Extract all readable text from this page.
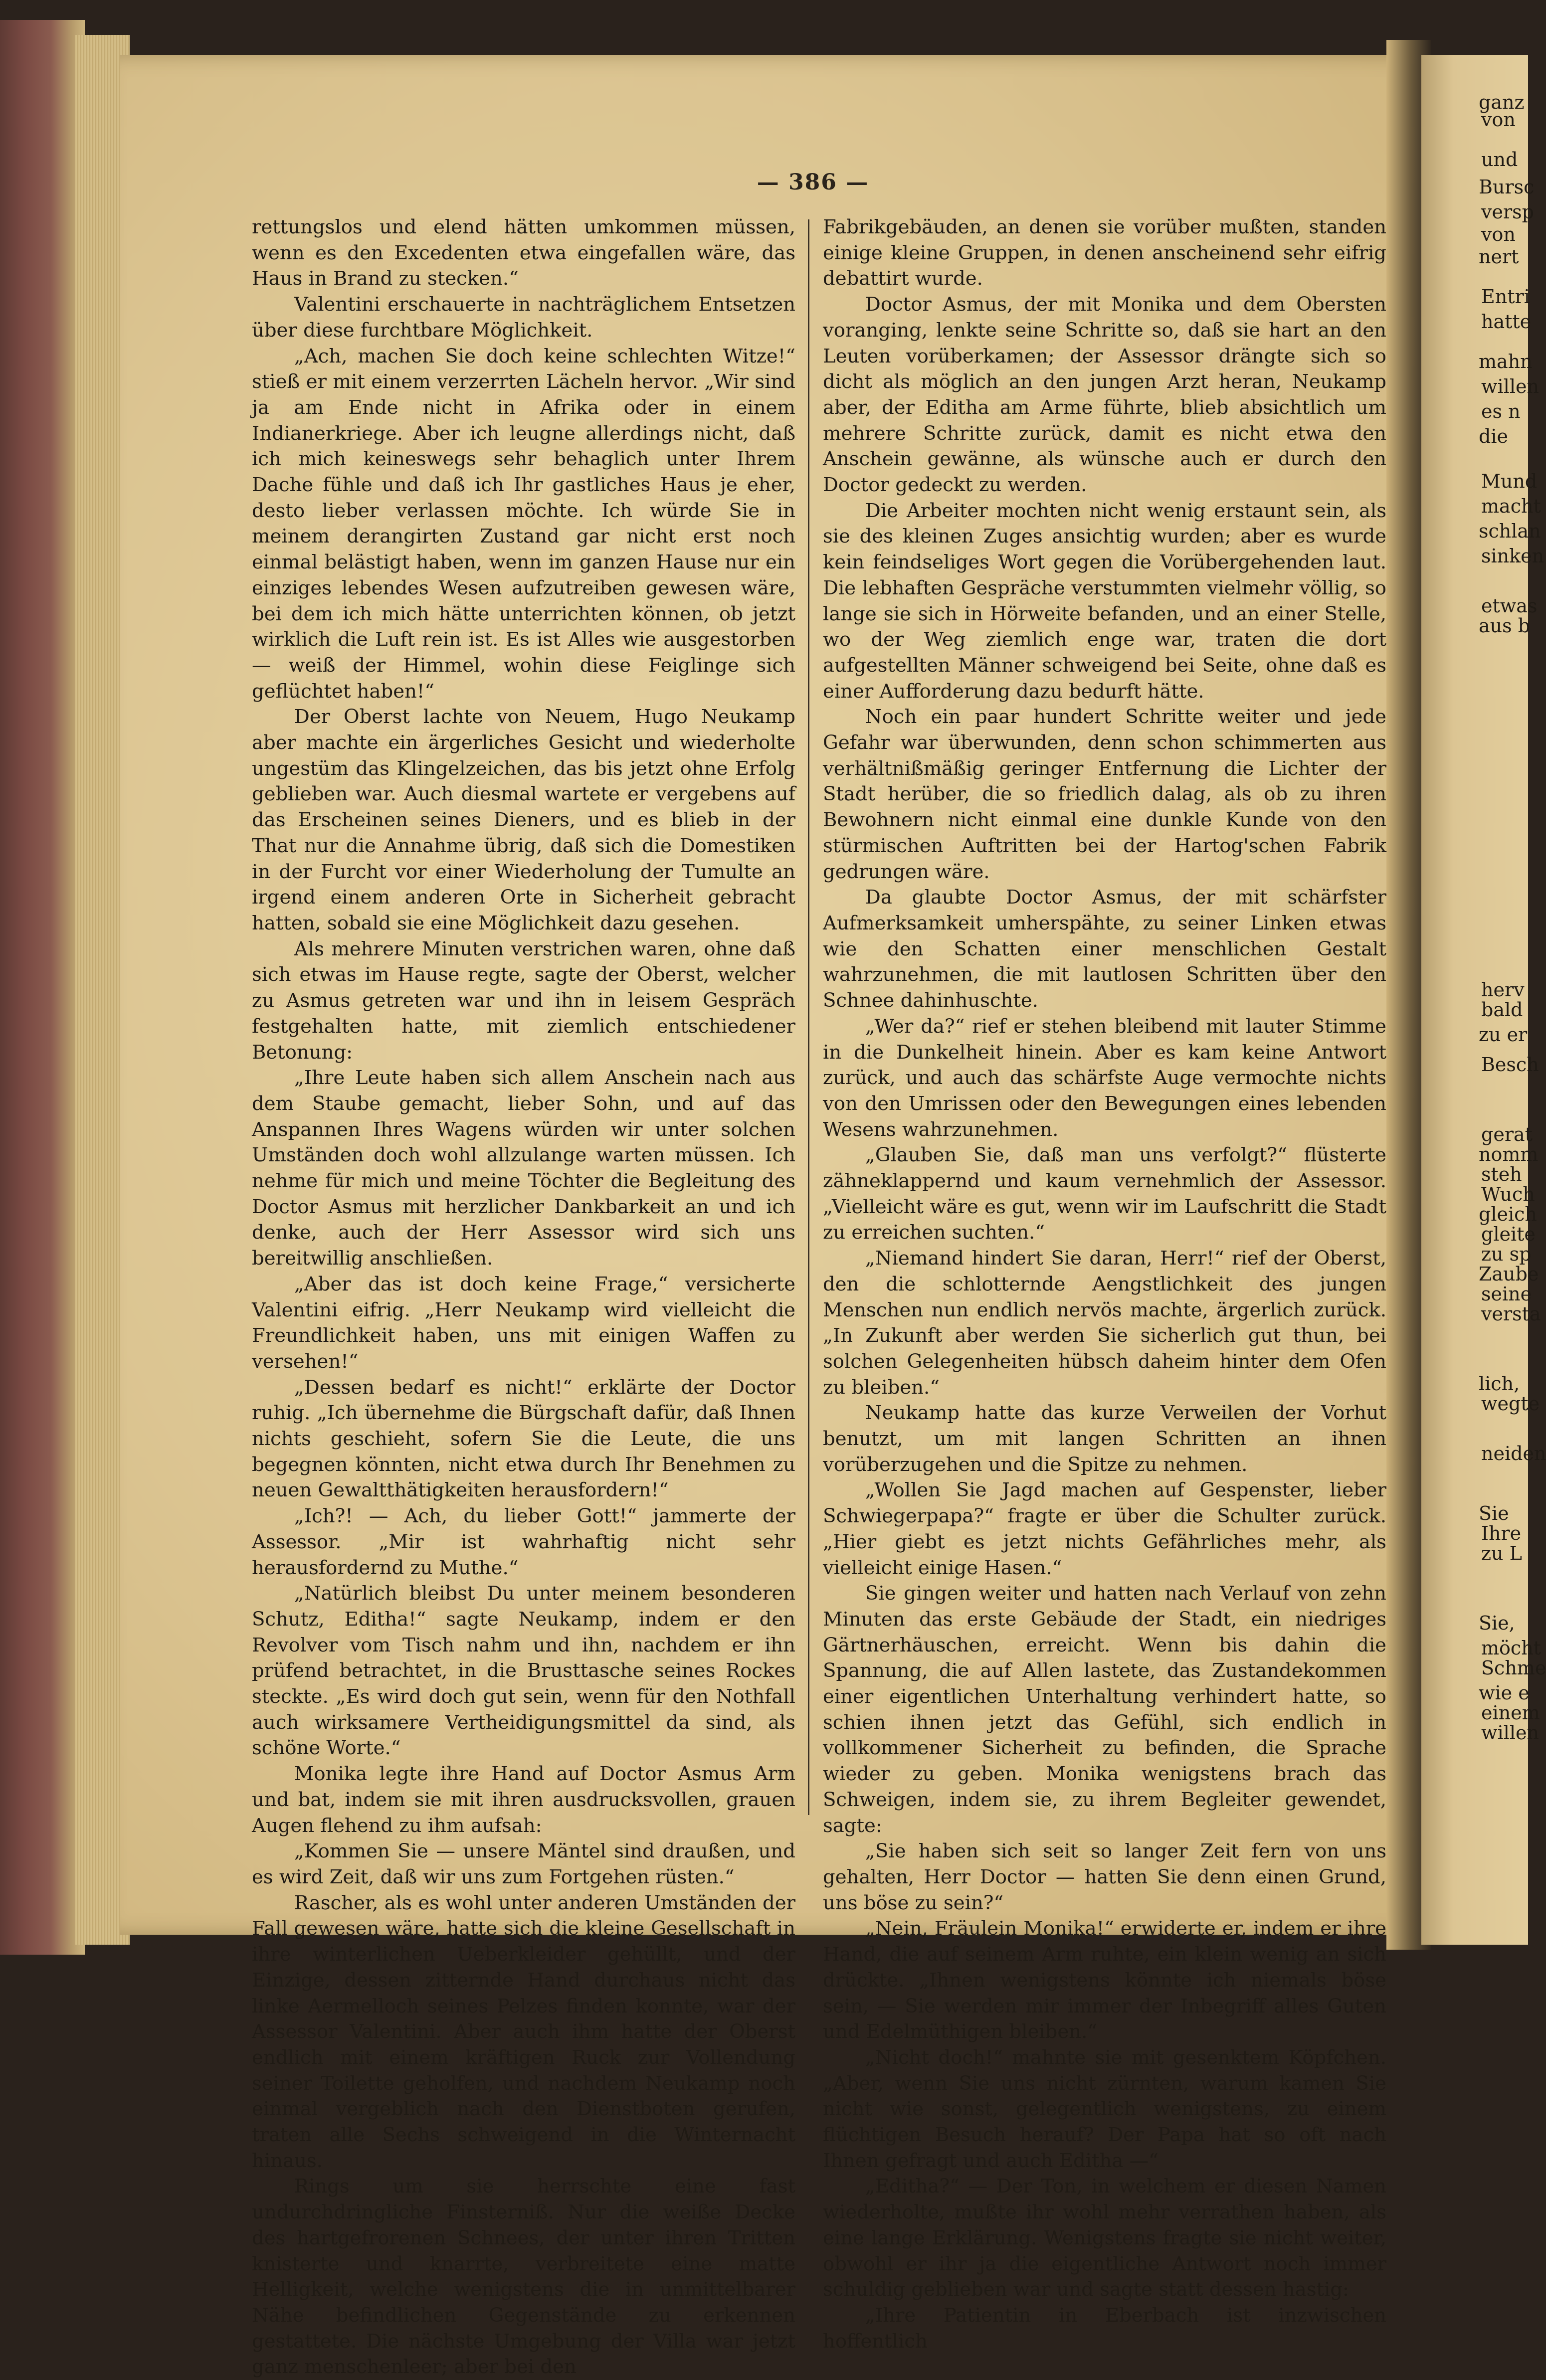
ganz
von
und
Bursc
versp
von
nert
Entri
hatte
mahn
willen
es n
die
Mund
macht
schlan
sinken
etwas
aus b
herv
bald
zu er
Besch
gerat
nomm
steh
Wuch
gleich
gleite
zu sp
Zaube
seine
versta
lich,
wegte
neiden
Sie
Ihre
zu L
Sie,
möcht
Schme
wie e
einem
willen
— 386 —

rettungslos und elend hätten umkommen müssen, wenn es den Excedenten etwa eingefallen wäre, das Haus in Brand zu stecken.“

Valentini erschauerte in nachträglichem Entsetzen über diese furchtbare Möglichkeit.

„Ach, machen Sie doch keine schlechten Witze!“ stieß er mit einem verzerrten Lächeln hervor. „Wir sind ja am Ende nicht in Afrika oder in einem Indianerkriege. Aber ich leugne allerdings nicht, daß ich mich keineswegs sehr behaglich unter Ihrem Dache fühle und daß ich Ihr gastliches Haus je eher, desto lieber verlassen möchte. Ich würde Sie in meinem derangirten Zustand gar nicht erst noch einmal belästigt haben, wenn im ganzen Hause nur ein einziges lebendes Wesen aufzutreiben gewesen wäre, bei dem ich mich hätte unterrichten können, ob jetzt wirklich die Luft rein ist. Es ist Alles wie ausgestorben — weiß der Himmel, wohin diese Feiglinge sich geflüchtet haben!“

Der Oberst lachte von Neuem, Hugo Neukamp aber machte ein ärgerliches Gesicht und wiederholte ungestüm das Klingelzeichen, das bis jetzt ohne Erfolg geblieben war. Auch diesmal wartete er vergebens auf das Erscheinen seines Dieners, und es blieb in der That nur die Annahme übrig, daß sich die Domestiken in der Furcht vor einer Wiederholung der Tumulte an irgend einem anderen Orte in Sicherheit gebracht hatten, sobald sie eine Möglichkeit dazu gesehen.

Als mehrere Minuten verstrichen waren, ohne daß sich etwas im Hause regte, sagte der Oberst, welcher zu Asmus getreten war und ihn in leisem Gespräch festgehalten hatte, mit ziemlich entschiedener Betonung:

„Ihre Leute haben sich allem Anschein nach aus dem Staube gemacht, lieber Sohn, und auf das Anspannen Ihres Wagens würden wir unter solchen Umständen doch wohl allzulange warten müssen. Ich nehme für mich und meine Töchter die Begleitung des Doctor Asmus mit herzlicher Dankbarkeit an und ich denke, auch der Herr Assessor wird sich uns bereitwillig anschließen.

„Aber das ist doch keine Frage,“ versicherte Valentini eifrig. „Herr Neukamp wird vielleicht die Freundlichkeit haben, uns mit einigen Waffen zu versehen!“

„Dessen bedarf es nicht!“ erklärte der Doctor ruhig. „Ich übernehme die Bürgschaft dafür, daß Ihnen nichts geschieht, sofern Sie die Leute, die uns begegnen könnten, nicht etwa durch Ihr Benehmen zu neuen Gewaltthätigkeiten herausfordern!“

„Ich?! — Ach, du lieber Gott!“ jammerte der Assessor. „Mir ist wahrhaftig nicht sehr herausfordernd zu Muthe.“

„Natürlich bleibst Du unter meinem besonderen Schutz, Editha!“ sagte Neukamp, indem er den Revolver vom Tisch nahm und ihn, nachdem er ihn prüfend betrachtet, in die Brusttasche seines Rockes steckte. „Es wird doch gut sein, wenn für den Nothfall auch wirksamere Vertheidigungsmittel da sind, als schöne Worte.“

Monika legte ihre Hand auf Doctor Asmus Arm und bat, indem sie mit ihren ausdrucksvollen, grauen Augen flehend zu ihm aufsah:

„Kommen Sie — unsere Mäntel sind draußen, und es wird Zeit, daß wir uns zum Fortgehen rüsten.“

Rascher, als es wohl unter anderen Umständen der Fall gewesen wäre, hatte sich die kleine Gesellschaft in ihre winterlichen Ueberkleider gehüllt, und der Einzige, dessen zitternde Hand durchaus nicht das linke Aermelloch seines Pelzes finden konnte, war der Assessor Valentini. Aber auch ihm hatte der Oberst endlich mit einem kräftigen Ruck zur Vollendung seiner Toilette geholfen, und nachdem Neukamp noch einmal vergeblich nach den Dienstboten gerufen, traten alle Sechs schweigend in die Winternacht hinaus.

Rings um sie herrschte eine fast undurchdringliche Finsterniß. Nur die weiße Decke des hartgefrorenen Schnees, der unter ihren Tritten knisterte und knarrte, verbreitete eine matte Helligkeit, welche wenigstens die in unmittelbarer Nähe befindlichen Gegenstände zu erkennen gestattete. Die nächste Umgebung der Villa war jetzt ganz menschenleer; aber bei den

Fabrikgebäuden, an denen sie vorüber mußten, standen einige kleine Gruppen, in denen anscheinend sehr eifrig debattirt wurde.

Doctor Asmus, der mit Monika und dem Obersten voranging, lenkte seine Schritte so, daß sie hart an den Leuten vorüberkamen; der Assessor drängte sich so dicht als möglich an den jungen Arzt heran, Neukamp aber, der Editha am Arme führte, blieb absichtlich um mehrere Schritte zurück, damit es nicht etwa den Anschein gewänne, als wünsche auch er durch den Doctor gedeckt zu werden.

Die Arbeiter mochten nicht wenig erstaunt sein, als sie des kleinen Zuges ansichtig wurden; aber es wurde kein feindseliges Wort gegen die Vorübergehenden laut. Die lebhaften Gespräche verstummten vielmehr völlig, so lange sie sich in Hörweite befanden, und an einer Stelle, wo der Weg ziemlich enge war, traten die dort aufgestellten Männer schweigend bei Seite, ohne daß es einer Aufforderung dazu bedurft hätte.

Noch ein paar hundert Schritte weiter und jede Gefahr war überwunden, denn schon schimmerten aus verhältnißmäßig geringer Entfernung die Lichter der Stadt herüber, die so friedlich dalag, als ob zu ihren Bewohnern nicht einmal eine dunkle Kunde von den stürmischen Auftritten bei der Hartog'schen Fabrik gedrungen wäre.

Da glaubte Doctor Asmus, der mit schärfster Aufmerksamkeit umherspähte, zu seiner Linken etwas wie den Schatten einer menschlichen Gestalt wahrzunehmen, die mit lautlosen Schritten über den Schnee dahinhuschte.

„Wer da?“ rief er stehen bleibend mit lauter Stimme in die Dunkelheit hinein. Aber es kam keine Antwort zurück, und auch das schärfste Auge vermochte nichts von den Umrissen oder den Bewegungen eines lebenden Wesens wahrzunehmen.

„Glauben Sie, daß man uns verfolgt?“ flüsterte zähneklappernd und kaum vernehmlich der Assessor. „Vielleicht wäre es gut, wenn wir im Laufschritt die Stadt zu erreichen suchten.“

„Niemand hindert Sie daran, Herr!“ rief der Oberst, den die schlotternde Aengstlichkeit des jungen Menschen nun endlich nervös machte, ärgerlich zurück. „In Zukunft aber werden Sie sicherlich gut thun, bei solchen Gelegenheiten hübsch daheim hinter dem Ofen zu bleiben.“

Neukamp hatte das kurze Verweilen der Vorhut benutzt, um mit langen Schritten an ihnen vorüberzugehen und die Spitze zu nehmen.

„Wollen Sie Jagd machen auf Gespenster, lieber Schwiegerpapa?“ fragte er über die Schulter zurück. „Hier giebt es jetzt nichts Gefährliches mehr, als vielleicht einige Hasen.“

Sie gingen weiter und hatten nach Verlauf von zehn Minuten das erste Gebäude der Stadt, ein niedriges Gärtnerhäuschen, erreicht. Wenn bis dahin die Spannung, die auf Allen lastete, das Zustandekommen einer eigentlichen Unterhaltung verhindert hatte, so schien ihnen jetzt das Gefühl, sich endlich in vollkommener Sicherheit zu befinden, die Sprache wieder zu geben. Monika wenigstens brach das Schweigen, indem sie, zu ihrem Begleiter gewendet, sagte:

„Sie haben sich seit so langer Zeit fern von uns gehalten, Herr Doctor — hatten Sie denn einen Grund, uns böse zu sein?“

„Nein, Fräulein Monika!“ erwiderte er, indem er ihre Hand, die auf seinem Arm ruhte, ein klein wenig an sich drückte. „Ihnen wenigstens könnte ich niemals böse sein, — Sie werden mir immer der Inbegriff alles Guten und Edelmüthigen bleiben.“

„Nicht doch!“ mahnte sie mit gesenktem Köpfchen. „Aber, wenn Sie uns nicht zürnten, warum kamen Sie nicht wie sonst, gelegentlich wenigstens, zu einem flüchtigen Besuch herauf? Der Papa hat so oft nach Ihnen gefragt und auch Editha —“

„Editha?“ — Der Ton, in welchem er diesen Namen wiederholte, mußte ihr wohl mehr verrathen haben, als eine lange Erklärung. Wenigstens fragte sie nicht weiter, obwohl er ihr ja die eigentliche Antwort noch immer schuldig geblieben war und sagte statt dessen hastig:

„Ihre Patientin in Eberbach ist inzwischen hoffentlich
